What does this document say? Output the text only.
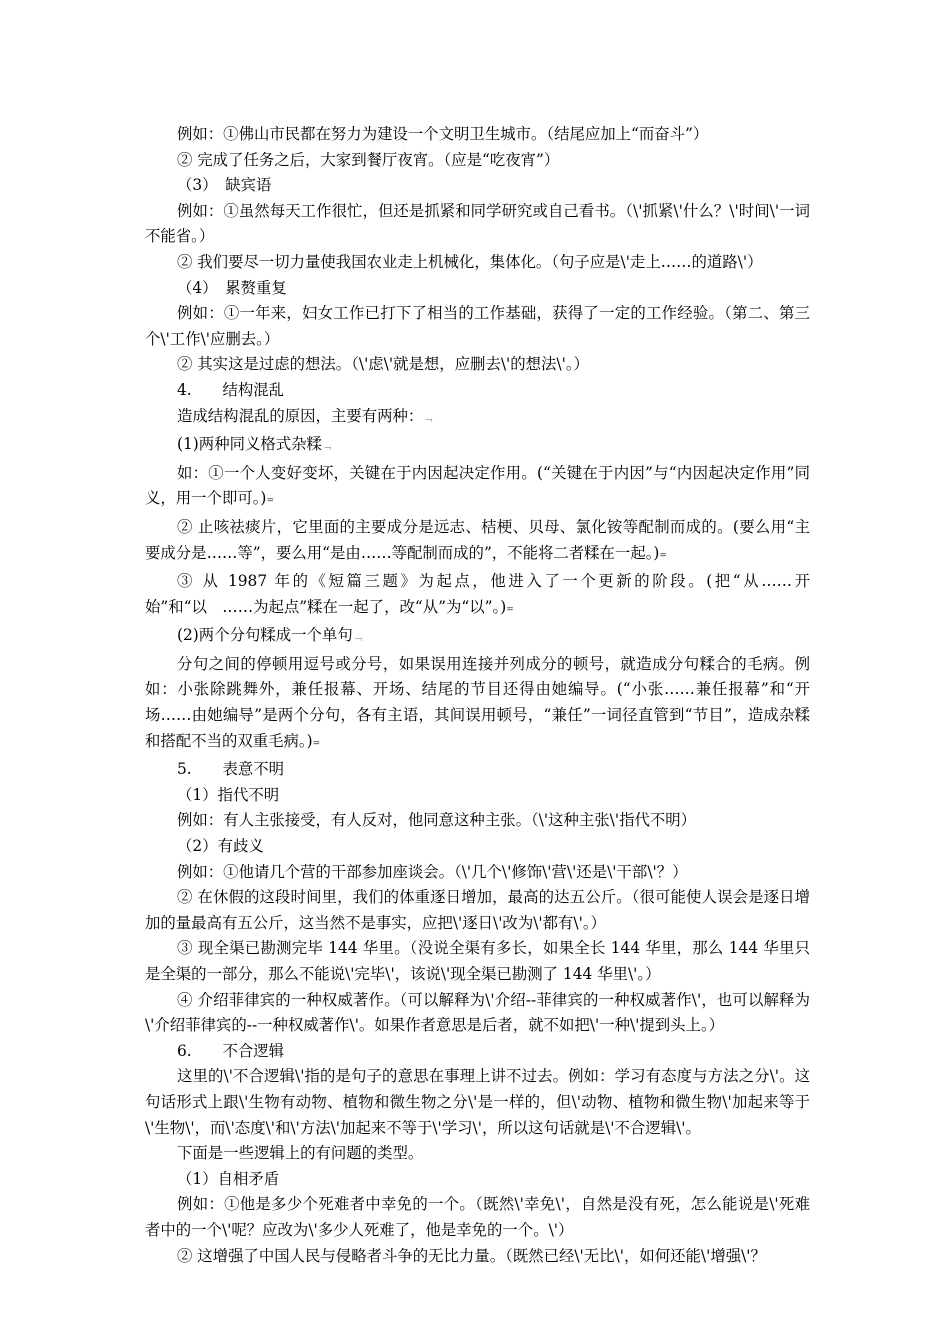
例如：①佛山市民都在努力为建设一个文明卫生城市。（结尾应加上“而奋斗”）

② 完成了任务之后，大家到餐厅夜宵。（应是“吃夜宵”）

（3）　缺宾语

例如：①虽然每天工作很忙，但还是抓紧和同学研究或自己看书。（\'抓紧\'什么？\'时间\'一词不能省。）

② 我们要尽一切力量使我国农业走上机械化，集体化。（句子应是\'走上……的道路\'）

（4）　累赘重复

例如：①一年来，妇女工作已打下了相当的工作基础，获得了一定的工作经验。（第二、第三个\'工作\'应删去。）

② 其实这是过虑的想法。（\'虑\'就是想，应删去\'的想法\'。）

4.　　结构混乱

造成结构混乱的原因，主要有两种：﹁

(1)两种同义格式杂糅﹁

如：①一个人变好变坏，关键在于内因起决定作用。(“关键在于内因”与“内因起决定作用”同义，用一个即可。)=

② 止咳祛痰片，它里面的主要成分是远志、桔梗、贝母、氯化铵等配制而成的。(要么用“主要成分是……等”，要么用“是由……等配制而成的”，不能将二者糅在一起。)=

③ 从 1987 年的《短篇三题》为起点，他进入了一个更新的阶段。(把“从……开始”和“以　……为起点”糅在一起了，改“从”为“以”。)=

(2)两个分句糅成一个单句﹁

分句之间的停顿用逗号或分号，如果误用连接并列成分的顿号，就造成分句糅合的毛病。例　如：小张除跳舞外，兼任报幕、开场、结尾的节目还得由她编导。(“小张……兼任报幕”和“开场……由她编导”是两个分句，各有主语，其间误用顿号，“兼任”一词径直管到“节目”，造成杂糅和搭配不当的双重毛病。)=

5.　　表意不明

（1）指代不明

例如：有人主张接受，有人反对，他同意这种主张。（\'这种主张\'指代不明）

（2）有歧义

例如：①他请几个营的干部参加座谈会。（\'几个\'修饰\'营\'还是\'干部\'？）

② 在休假的这段时间里，我们的体重逐日增加，最高的达五公斤。（很可能使人误会是逐日增加的量最高有五公斤，这当然不是事实，应把\'逐日\'改为\'都有\'。）

③ 现全渠已勘测完毕 144 华里。（没说全渠有多长，如果全长 144 华里，那么 144 华里只是全渠的一部分，那么不能说\'完毕\'，该说\'现全渠已勘测了 144 华里\'。）

④ 介绍菲律宾的一种权威著作。（可以解释为\'介绍--菲律宾的一种权威著作\'，也可以解释为\'介绍菲律宾的--一种权威著作\'。如果作者意思是后者，就不如把\'一种\'提到头上。）

6.　　不合逻辑

这里的\'不合逻辑\'指的是句子的意思在事理上讲不过去。例如：学习有态度与方法之分\'。这句话形式上跟\'生物有动物、植物和微生物之分\'是一样的，但\'动物、植物和微生物\'加起来等于\'生物\'，而\'态度\'和\'方法\'加起来不等于\'学习\'，所以这句话就是\'不合逻辑\'。

下面是一些逻辑上的有问题的类型。

（1）自相矛盾

例如：①他是多少个死难者中幸免的一个。（既然\'幸免\'，自然是没有死，怎么能说是\'死难者中的一个\'呢？应改为\'多少人死难了，他是幸免的一个。\'）

② 这增强了中国人民与侵略者斗争的无比力量。（既然已经\'无比\'，如何还能\'增强\'？
